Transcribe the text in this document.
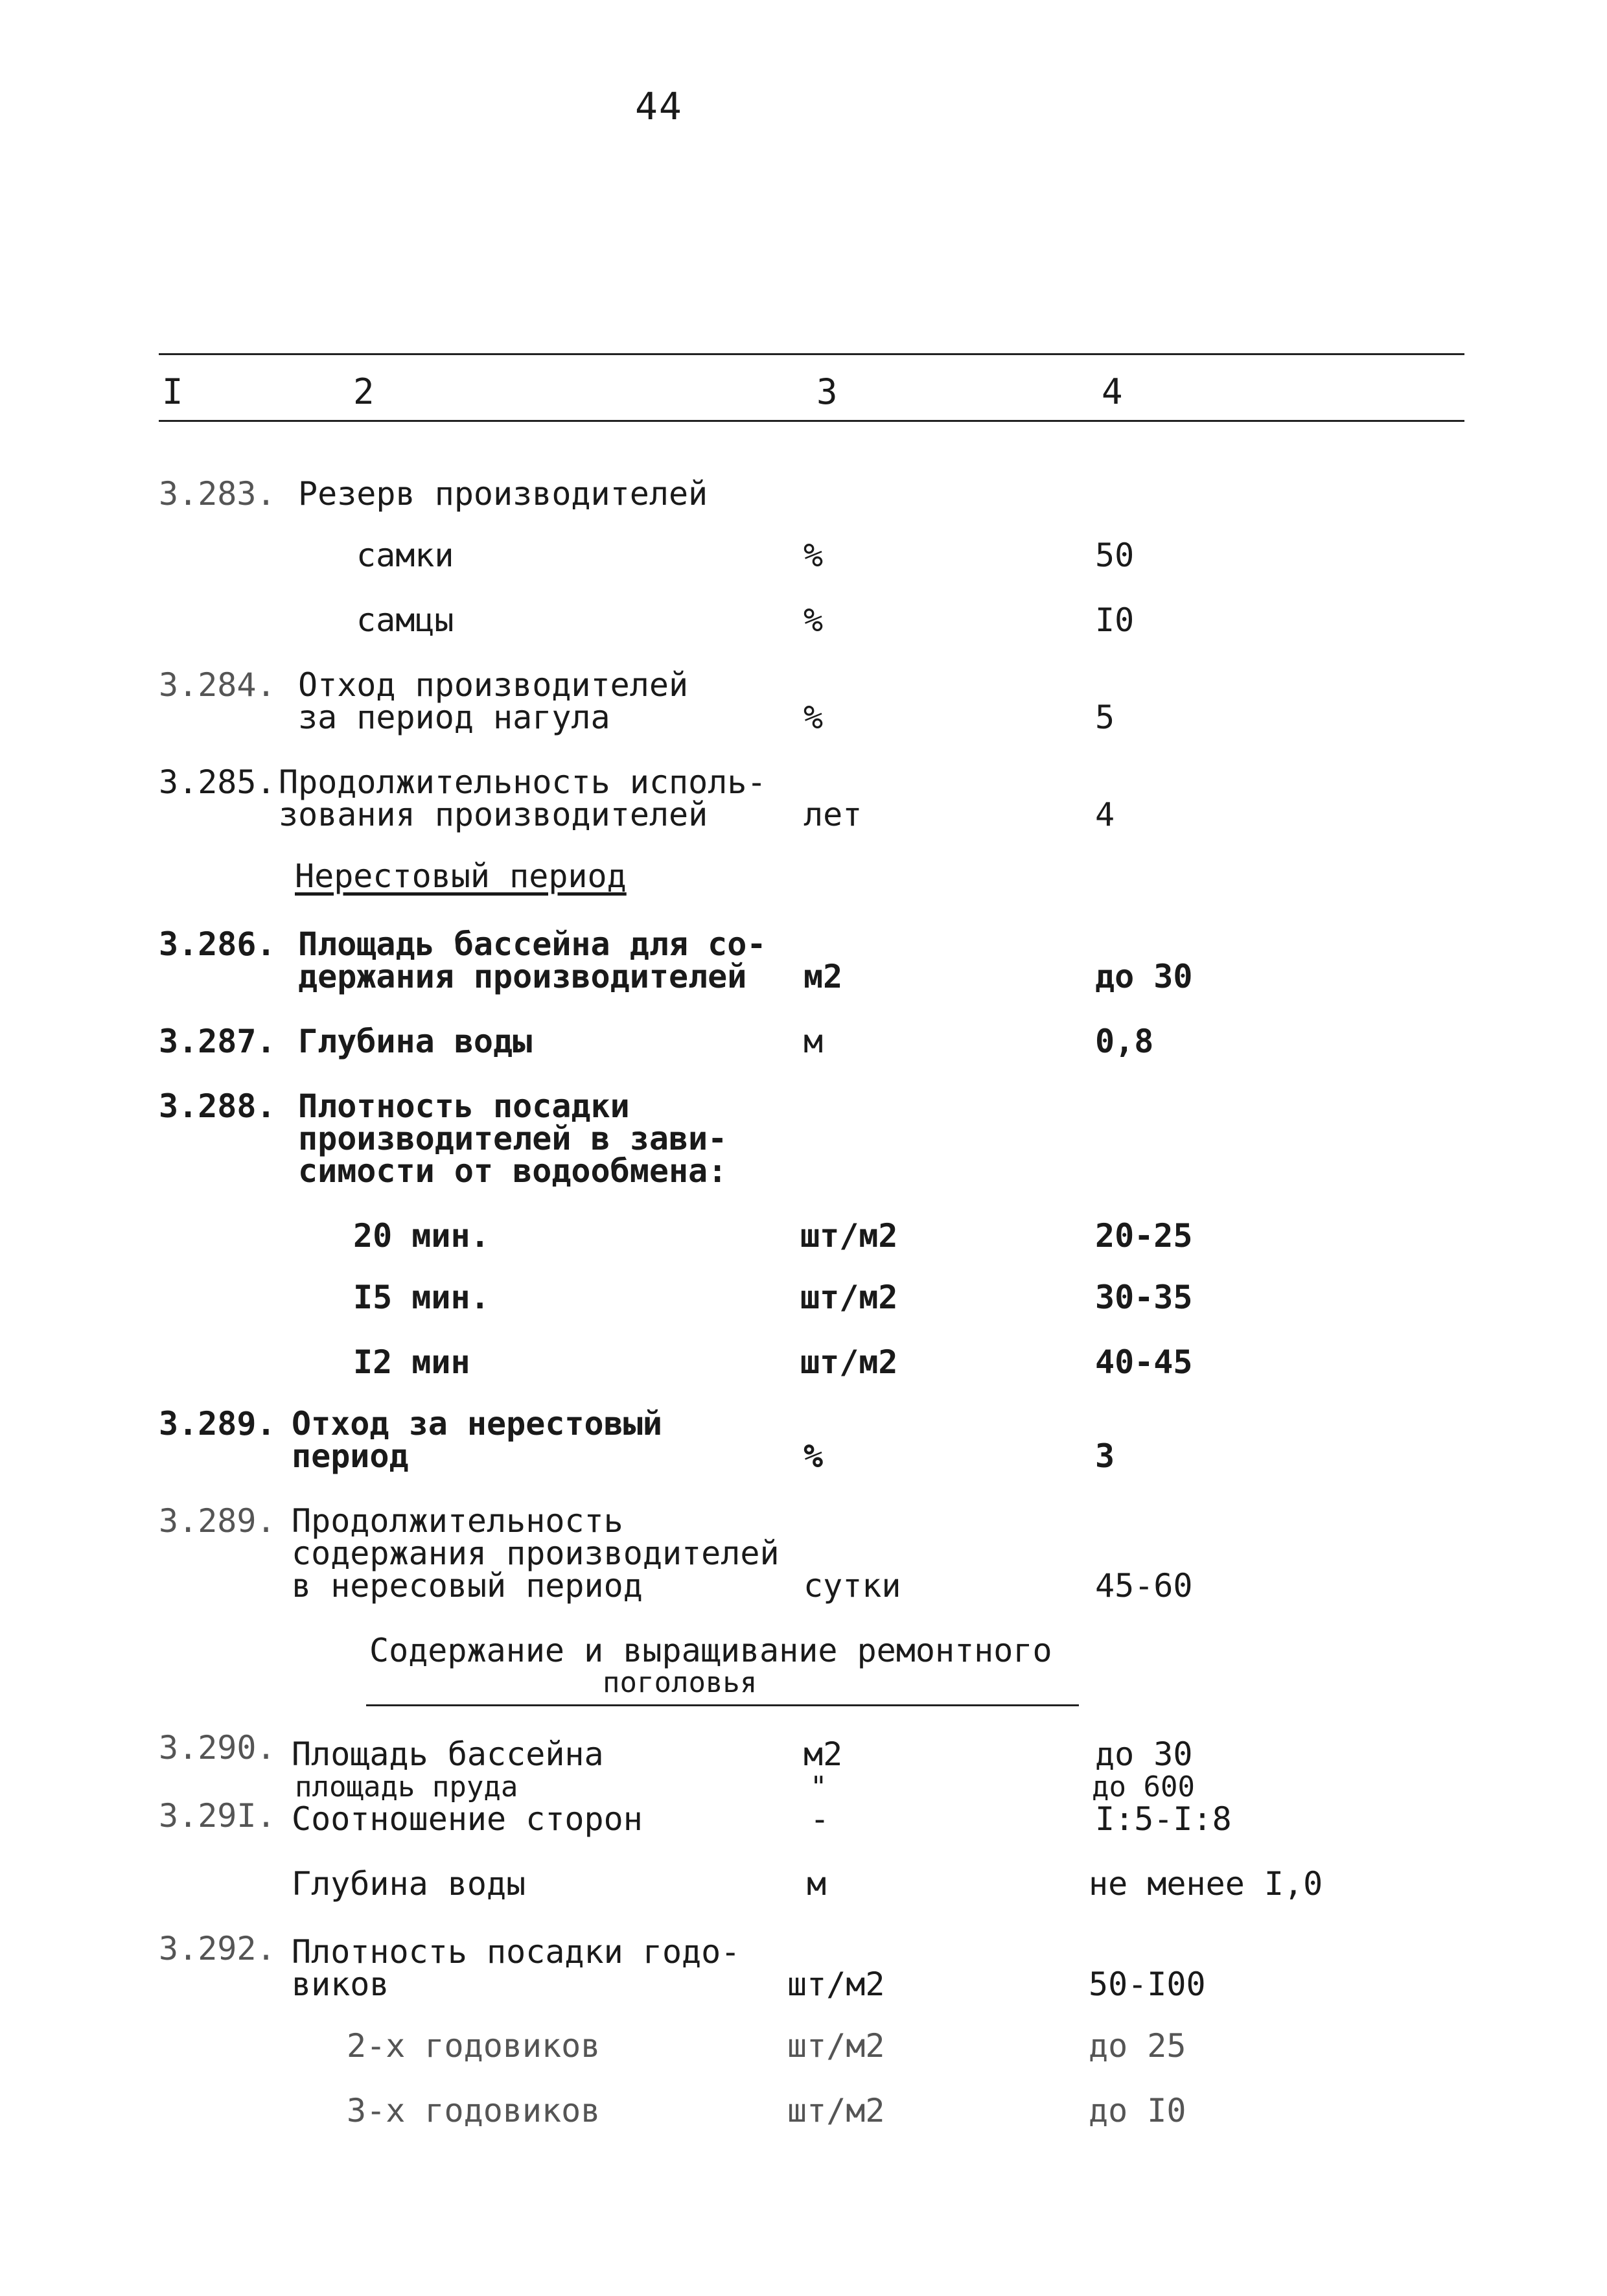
44
I	2	3	4
3.283. Резерв производителей
самки	%	50
самцы	%	I0
3.284. Отход производителей
за период нагула	%	5
3.285. Продолжительность исполь-
зования производителей	лет	4
Нерестовый период
3.286. Площадь бассейна для со-
держания производителей м2	до 30
3.287. Глубина воды	м	0,8
3.288. Плотность посадки
производителей в зави-
симости от водообмена:
20 мин.	шт/м2	20-25
I5 мин.	шт/м2	30-35
I2 мин	шт/м2	40-45
3.289. Отход за нерестовый
период	%	3
3.289. Продолжительность
содержания производителей
в нересовый период	сутки	45-60
Содержание и выращивание ремонтного
поголовья
3.290. Площадь бассейна	м2	до 30
площадь пруда	"	до 600
3.29I. Соотношение сторон	-	I:5-I:8
Глубина воды	м	не менее I,0
3.292. Плотность посадки годо-
виков	шт/м2	50-I00
2-х годовиков	шт/м2	до 25
3-х годовиков	шт/м2	до I0
